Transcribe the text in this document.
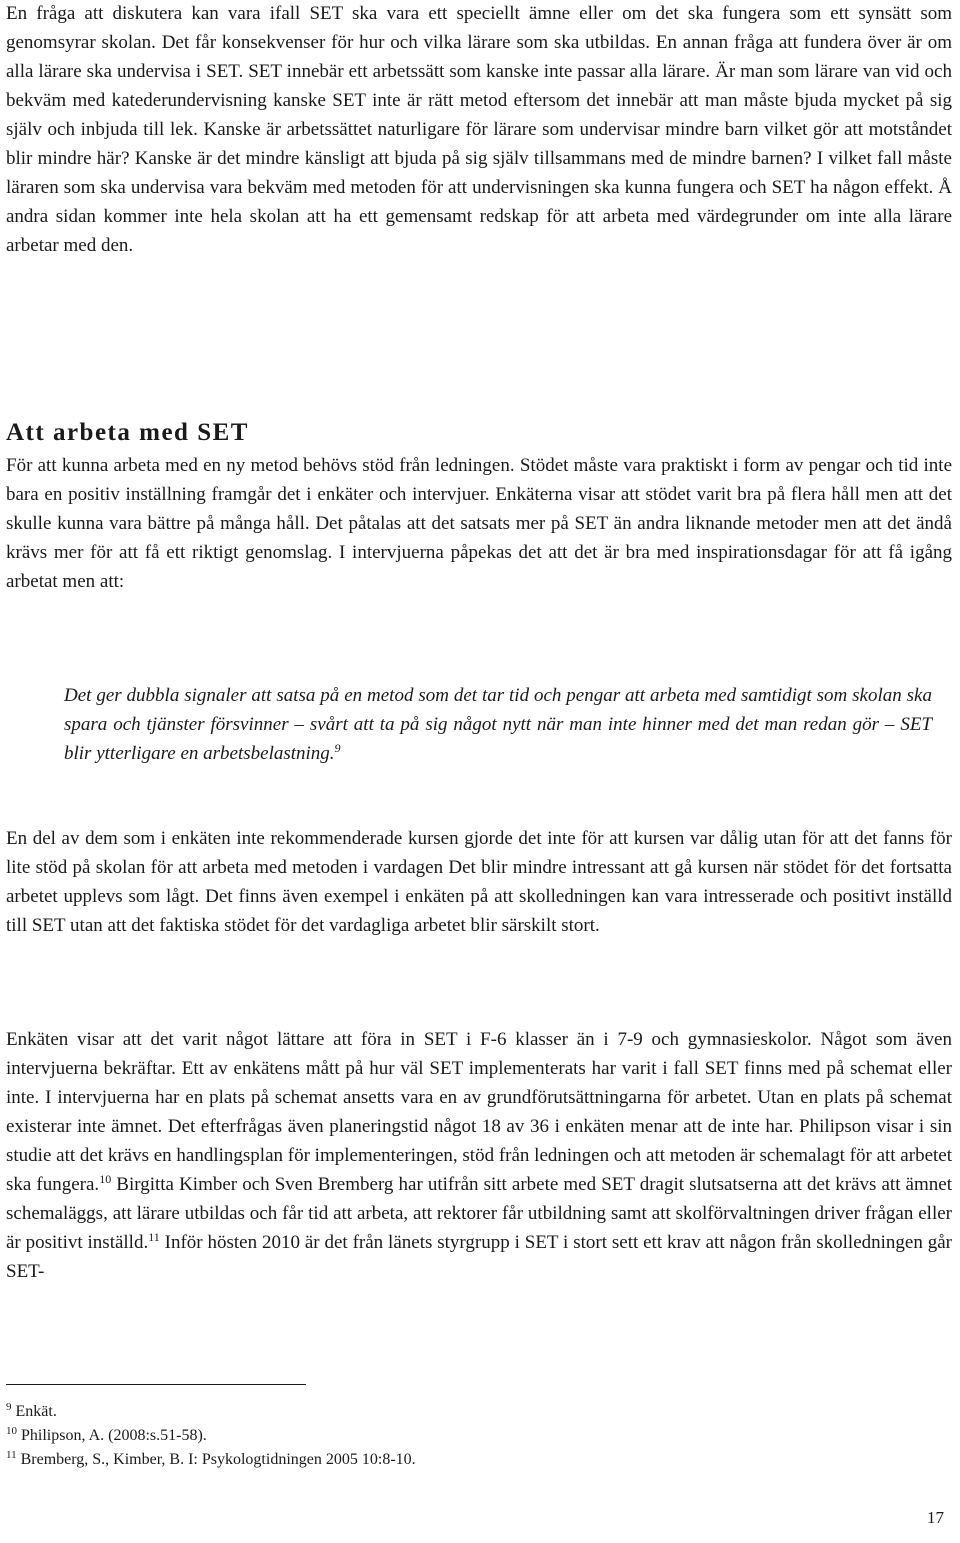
En fråga att diskutera kan vara ifall SET ska vara ett speciellt ämne eller om det ska fungera som ett synsätt som genomsyrar skolan. Det får konsekvenser för hur och vilka lärare som ska utbildas. En annan fråga att fundera över är om alla lärare ska undervisa i SET. SET innebär ett arbetssätt som kanske inte passar alla lärare. Är man som lärare van vid och bekväm med katederundervisning kanske SET inte är rätt metod eftersom det innebär att man måste bjuda mycket på sig själv och inbjuda till lek. Kanske är arbetssättet naturligare för lärare som undervisar mindre barn vilket gör att motståndet blir mindre här? Kanske är det mindre känsligt att bjuda på sig själv tillsammans med de mindre barnen? I vilket fall måste läraren som ska undervisa vara bekväm med metoden för att undervisningen ska kunna fungera och SET ha någon effekt. Å andra sidan kommer inte hela skolan att ha ett gemensamt redskap för att arbeta med värdegrunder om inte alla lärare arbetar med den.

Att arbeta med SET

För att kunna arbeta med en ny metod behövs stöd från ledningen. Stödet måste vara praktiskt i form av pengar och tid inte bara en positiv inställning framgår det i enkäter och intervjuer. Enkäterna visar att stödet varit bra på flera håll men att det skulle kunna vara bättre på många håll. Det påtalas att det satsats mer på SET än andra liknande metoder men att det ändå krävs mer för att få ett riktigt genomslag. I intervjuerna påpekas det att det är bra med inspirationsdagar för att få igång arbetat men att:

Det ger dubbla signaler att satsa på en metod som det tar tid och pengar att arbeta med samtidigt som skolan ska spara och tjänster försvinner – svårt att ta på sig något nytt när man inte hinner med det man redan gör – SET blir ytterligare en arbetsbelastning.$^9$

En del av dem som i enkäten inte rekommenderade kursen gjorde det inte för att kursen var dålig utan för att det fanns för lite stöd på skolan för att arbeta med metoden i vardagen Det blir mindre intressant att gå kursen när stödet för det fortsatta arbetet upplevs som lågt. Det finns även exempel i enkäten på att skolledningen kan vara intresserade och positivt inställd till SET utan att det faktiska stödet för det vardagliga arbetet blir särskilt stort.

Enkäten visar att det varit något lättare att föra in SET i F-6 klasser än i 7-9 och gymnasieskolor. Något som även intervjuerna bekräftar. Ett av enkätens mått på hur väl SET implementerats har varit i fall SET finns med på schemat eller inte. I intervjuerna har en plats på schemat ansetts vara en av grundförutsättningarna för arbetet. Utan en plats på schemat existerar inte ämnet. Det efterfrågas även planeringstid något 18 av 36 i enkäten menar att de inte har. Philipson visar i sin studie att det krävs en handlingsplan för implementeringen, stöd från ledningen och att metoden är schemalagt för att arbetet ska fungera.$^{10}$ Birgitta Kimber och Sven Bremberg har utifrån sitt arbete med SET dragit slutsatserna att det krävs att ämnet schemaläggs, att lärare utbildas och får tid att arbeta, att rektorer får utbildning samt att skolförvaltningen driver frågan eller är positivt inställd.$^{11}$ Inför hösten 2010 är det från länets styrgrupp i SET i stort sett ett krav att någon från skolledningen går SET-

$^9$ Enkät.

$^{10}$ Philipson, A. (2008:s.51-58).

$^{11}$ Bremberg, S., Kimber, B. I: Psykologtidningen 2005 10:8-10.

17
